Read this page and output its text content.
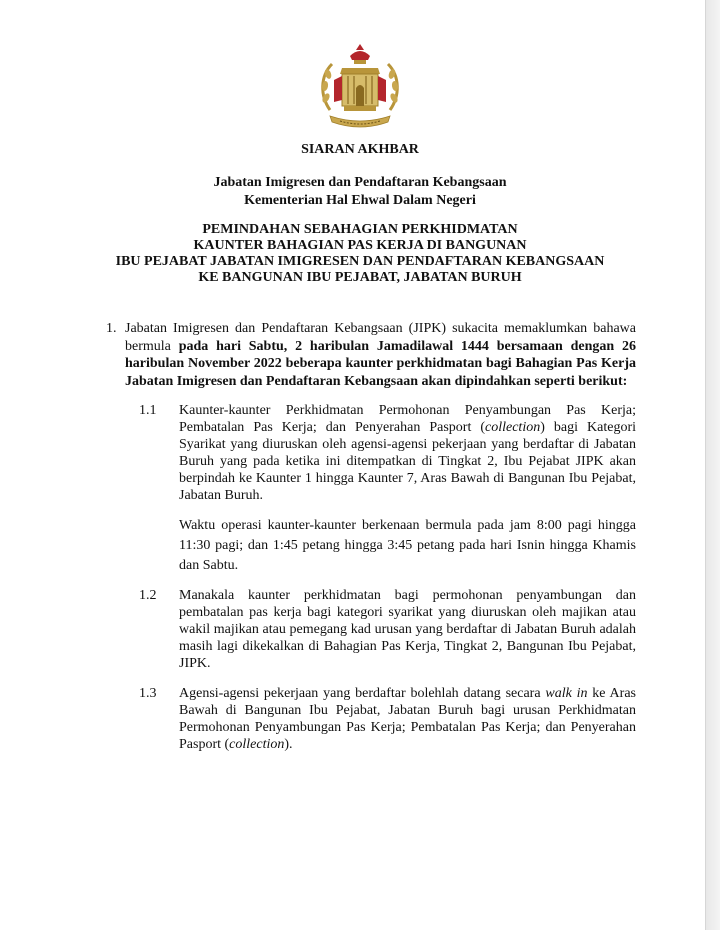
SIARAN AKHBAR
Jabatan Imigresen dan Pendaftaran Kebangsaan
Kementerian Hal Ehwal Dalam Negeri
PEMINDAHAN SEBAHAGIAN PERKHIDMATAN
KAUNTER BAHAGIAN PAS KERJA DI BANGUNAN
IBU PEJABAT JABATAN IMIGRESEN DAN PENDAFTARAN KEBANGSAAN
KE BANGUNAN IBU PEJABAT, JABATAN BURUH
1. Jabatan Imigresen dan Pendaftaran Kebangsaan (JIPK) sukacita memaklumkan bahawa bermula pada hari Sabtu, 2 haribulan Jamadilawal 1444 bersamaan dengan 26 haribulan November 2022 beberapa kaunter perkhidmatan bagi Bahagian Pas Kerja Jabatan Imigresen dan Pendaftaran Kebangsaan akan dipindahkan seperti berikut:
1.1 Kaunter-kaunter Perkhidmatan Permohonan Penyambungan Pas Kerja; Pembatalan Pas Kerja; dan Penyerahan Pasport (collection) bagi Kategori Syarikat yang diuruskan oleh agensi-agensi pekerjaan yang berdaftar di Jabatan Buruh yang pada ketika ini ditempatkan di Tingkat 2, Ibu Pejabat JIPK akan berpindah ke Kaunter 1 hingga Kaunter 7, Aras Bawah di Bangunan Ibu Pejabat, Jabatan Buruh.
Waktu operasi kaunter-kaunter berkenaan bermula pada jam 8:00 pagi hingga 11:30 pagi; dan 1:45 petang hingga 3:45 petang pada hari Isnin hingga Khamis dan Sabtu.
1.2 Manakala kaunter perkhidmatan bagi permohonan penyambungan dan pembatalan pas kerja bagi kategori syarikat yang diuruskan oleh majikan atau wakil majikan atau pemegang kad urusan yang berdaftar di Jabatan Buruh adalah masih lagi dikekalkan di Bahagian Pas Kerja, Tingkat 2, Bangunan Ibu Pejabat, JIPK.
1.3 Agensi-agensi pekerjaan yang berdaftar bolehlah datang secara walk in ke Aras Bawah di Bangunan Ibu Pejabat, Jabatan Buruh bagi urusan Perkhidmatan Permohonan Penyambungan Pas Kerja; Pembatalan Pas Kerja; dan Penyerahan Pasport (collection).
